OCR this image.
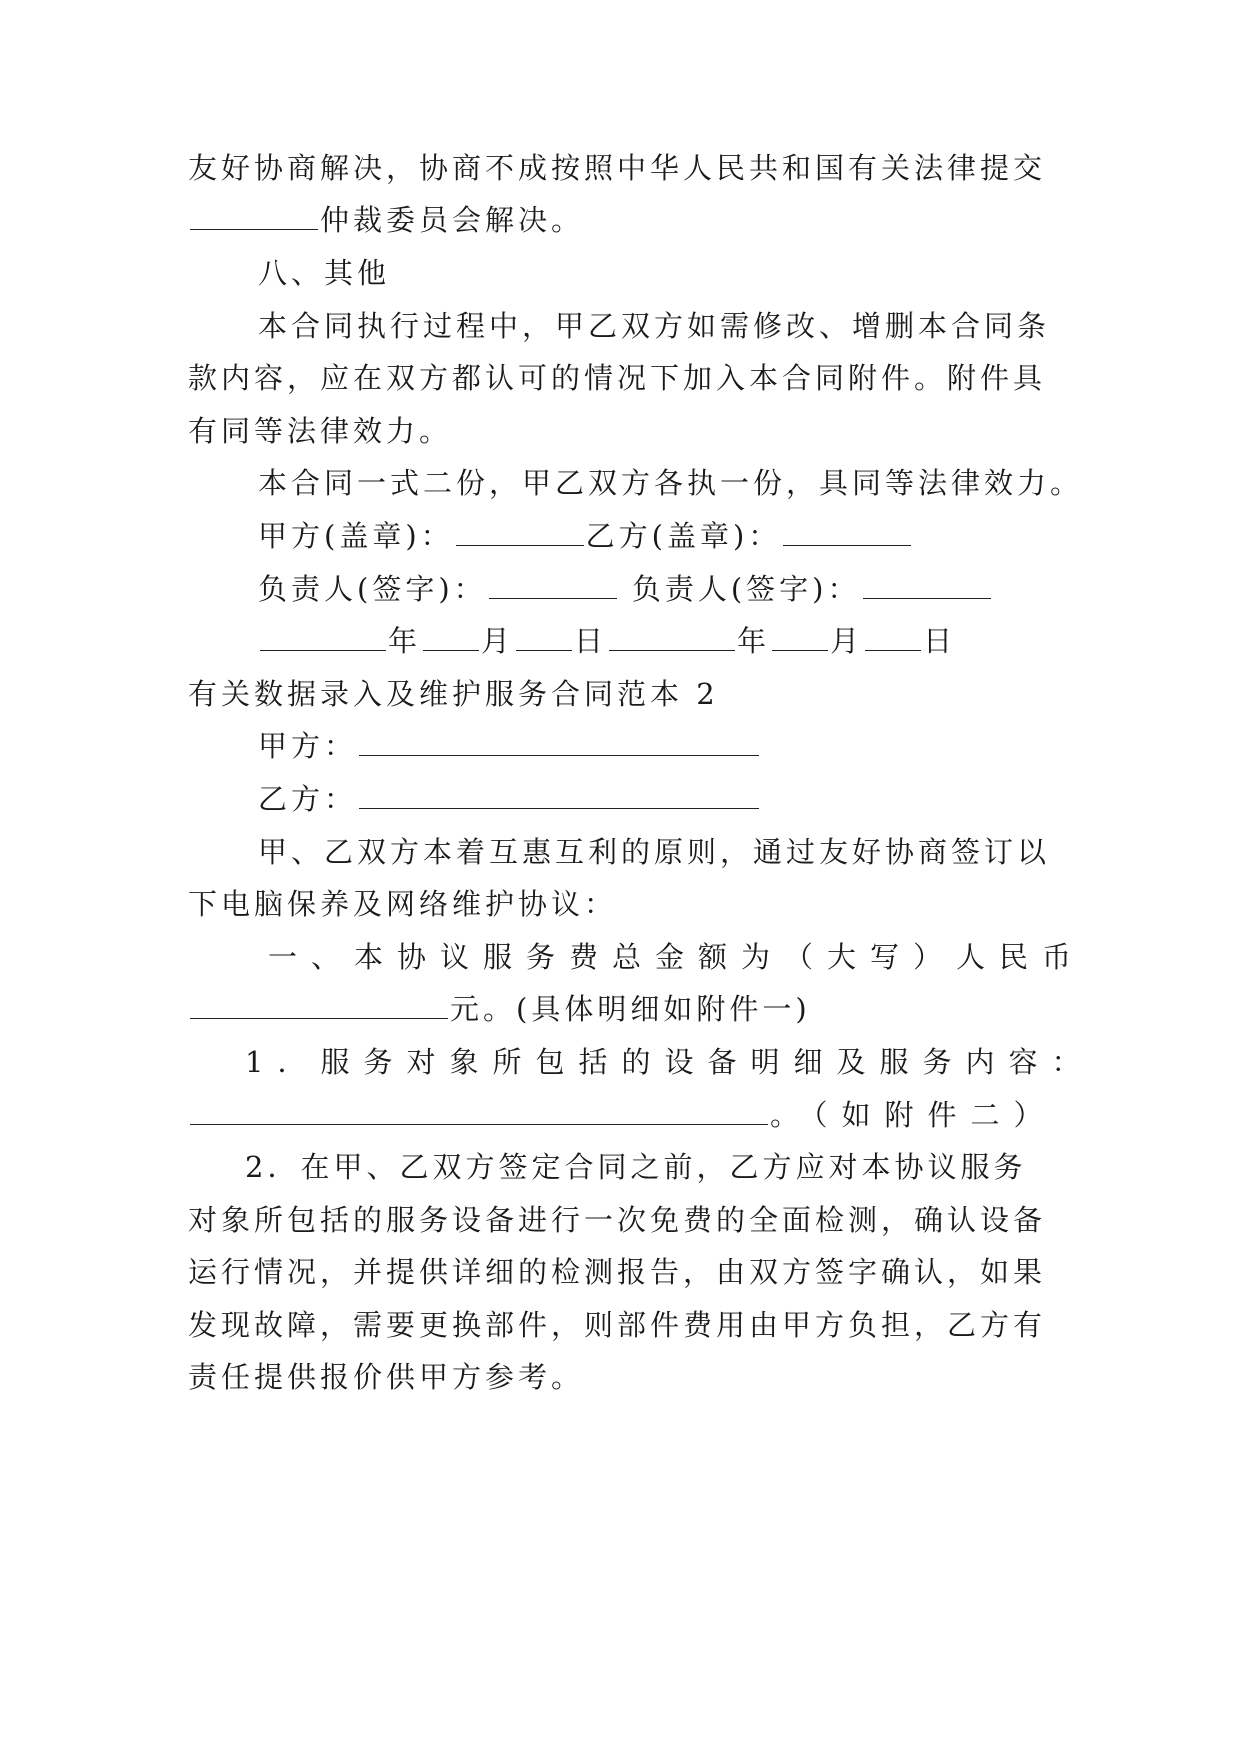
友好协商解决，协商不成按照中华人民共和国有关法律提交
仲裁委员会解决。
八、其他
本合同执行过程中，甲乙双方如需修改、增删本合同条
款内容，应在双方都认可的情况下加入本合同附件。附件具
有同等法律效力。
本合同一式二份，甲乙双方各执一份，具同等法律效力。
甲方(盖章)：	乙方(盖章)：
负责人(签字)：	负责人(签字)：
年 月 日	年 月 日
有关数据录入及维护服务合同范本 2
甲方：
乙方：
甲、乙双方本着互惠互利的原则，通过友好协商签订以
下电脑保养及网络维护协议：
一、本协议服务费总金额为（大写）人民币
元。(具体明细如附件一)
1．服务对象所包括的设备明细及服务内容：
。（如附件二）
2．在甲、乙双方签定合同之前，乙方应对本协议服务
对象所包括的服务设备进行一次免费的全面检测，确认设备
运行情况，并提供详细的检测报告，由双方签字确认，如果
发现故障，需要更换部件，则部件费用由甲方负担，乙方有
责任提供报价供甲方参考。
